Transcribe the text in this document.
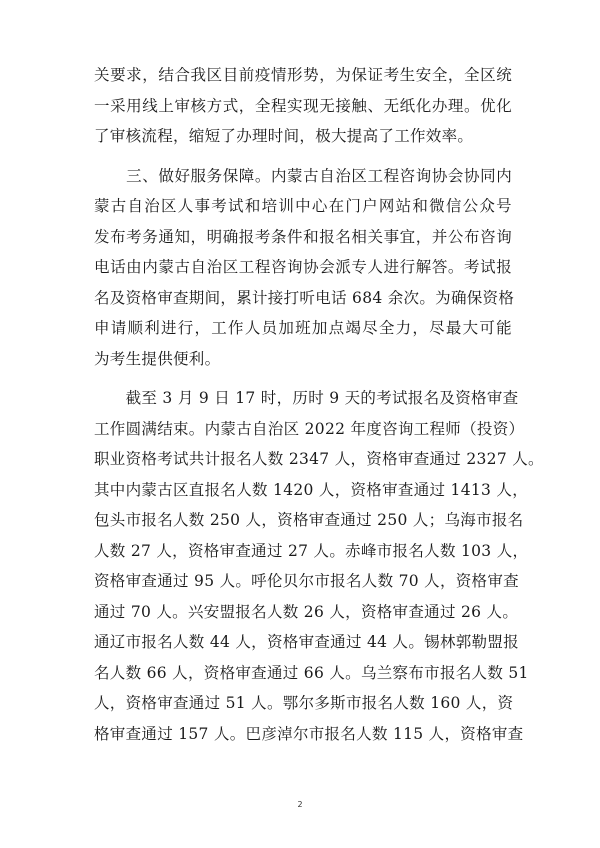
关要求，结合我区目前疫情形势，为保证考生安全，全区统
一采用线上审核方式，全程实现无接触、无纸化办理。优化
了审核流程，缩短了办理时间，极大提高了工作效率。
　　三、做好服务保障。内蒙古自治区工程咨询协会协同内
蒙古自治区人事考试和培训中心在门户网站和微信公众号
发布考务通知，明确报考条件和报名相关事宜，并公布咨询
电话由内蒙古自治区工程咨询协会派专人进行解答。考试报
名及资格审查期间，累计接打听电话 684 余次。为确保资格
申请顺利进行，工作人员加班加点竭尽全力，尽最大可能
为考生提供便利。
　　截至 3 月 9 日 17 时，历时 9 天的考试报名及资格审查
工作圆满结束。内蒙古自治区 2022 年度咨询工程师（投资）
职业资格考试共计报名人数 2347 人，资格审查通过 2327 人。
其中内蒙古区直报名人数 1420 人，资格审查通过 1413 人，
包头市报名人数 250 人，资格审查通过 250 人；乌海市报名
人数 27 人，资格审查通过 27 人。赤峰市报名人数 103 人，
资格审查通过 95 人。呼伦贝尔市报名人数 70 人，资格审查
通过 70 人。兴安盟报名人数 26 人，资格审查通过 26 人。
通辽市报名人数 44 人，资格审查通过 44 人。锡林郭勒盟报
名人数 66 人，资格审查通过 66 人。乌兰察布市报名人数 51
人，资格审查通过 51 人。鄂尔多斯市报名人数 160 人，资
格审查通过 157 人。巴彦淖尔市报名人数 115 人，资格审查
2
